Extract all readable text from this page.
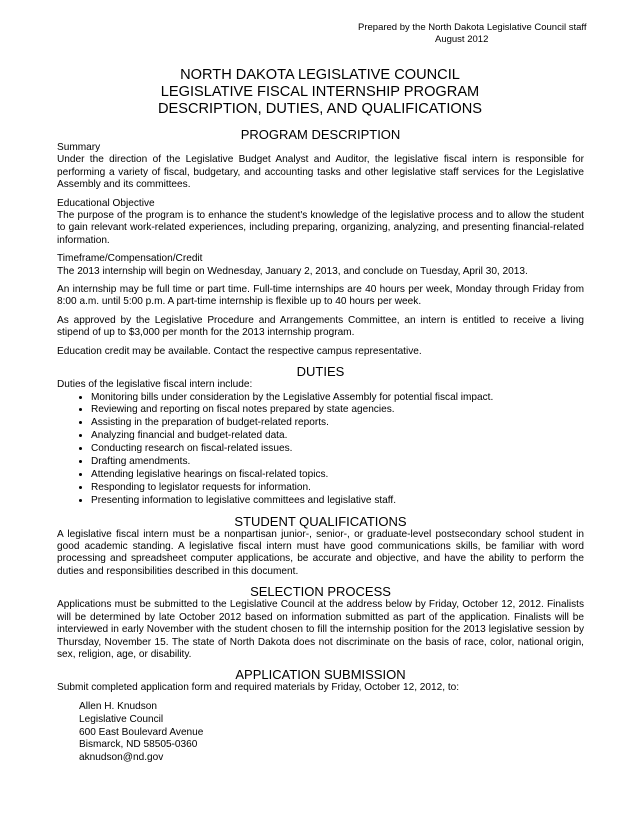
Prepared by the North Dakota Legislative Council staff
August 2012
NORTH DAKOTA LEGISLATIVE COUNCIL
LEGISLATIVE FISCAL INTERNSHIP PROGRAM
DESCRIPTION, DUTIES, AND QUALIFICATIONS
PROGRAM DESCRIPTION
Summary

Under the direction of the Legislative Budget Analyst and Auditor, the legislative fiscal intern is responsible for performing a variety of fiscal, budgetary, and accounting tasks and other legislative staff services for the Legislative Assembly and its committees.

Educational Objective

The purpose of the program is to enhance the student's knowledge of the legislative process and to allow the student to gain relevant work-related experiences, including preparing, organizing, analyzing, and presenting financial-related information.

Timeframe/Compensation/Credit

The 2013 internship will begin on Wednesday, January 2, 2013, and conclude on Tuesday, April 30, 2013.

An internship may be full time or part time. Full-time internships are 40 hours per week, Monday through Friday from 8:00 a.m. until 5:00 p.m. A part-time internship is flexible up to 40 hours per week.

As approved by the Legislative Procedure and Arrangements Committee, an intern is entitled to receive a living stipend of up to $3,000 per month for the 2013 internship program.

Education credit may be available. Contact the respective campus representative.

DUTIES

Duties of the legislative fiscal intern include:

• Monitoring bills under consideration by the Legislative Assembly for potential fiscal impact.
• Reviewing and reporting on fiscal notes prepared by state agencies.
• Assisting in the preparation of budget-related reports.
• Analyzing financial and budget-related data.
• Conducting research on fiscal-related issues.
• Drafting amendments.
• Attending legislative hearings on fiscal-related topics.
• Responding to legislator requests for information.
• Presenting information to legislative committees and legislative staff.
STUDENT QUALIFICATIONS

A legislative fiscal intern must be a nonpartisan junior-, senior-, or graduate-level postsecondary school student in good academic standing. A legislative fiscal intern must have good communications skills, be familiar with word processing and spreadsheet computer applications, be accurate and objective, and have the ability to perform the duties and responsibilities described in this document.

SELECTION PROCESS

Applications must be submitted to the Legislative Council at the address below by Friday, October 12, 2012. Finalists will be determined by late October 2012 based on information submitted as part of the application. Finalists will be interviewed in early November with the student chosen to fill the internship position for the 2013 legislative session by Thursday, November 15. The state of North Dakota does not discriminate on the basis of race, color, national origin, sex, religion, age, or disability.

APPLICATION SUBMISSION

Submit completed application form and required materials by Friday, October 12, 2012, to:

Allen H. Knudson
Legislative Council
600 East Boulevard Avenue
Bismarck, ND 58505-0360
aknudson@nd.gov
